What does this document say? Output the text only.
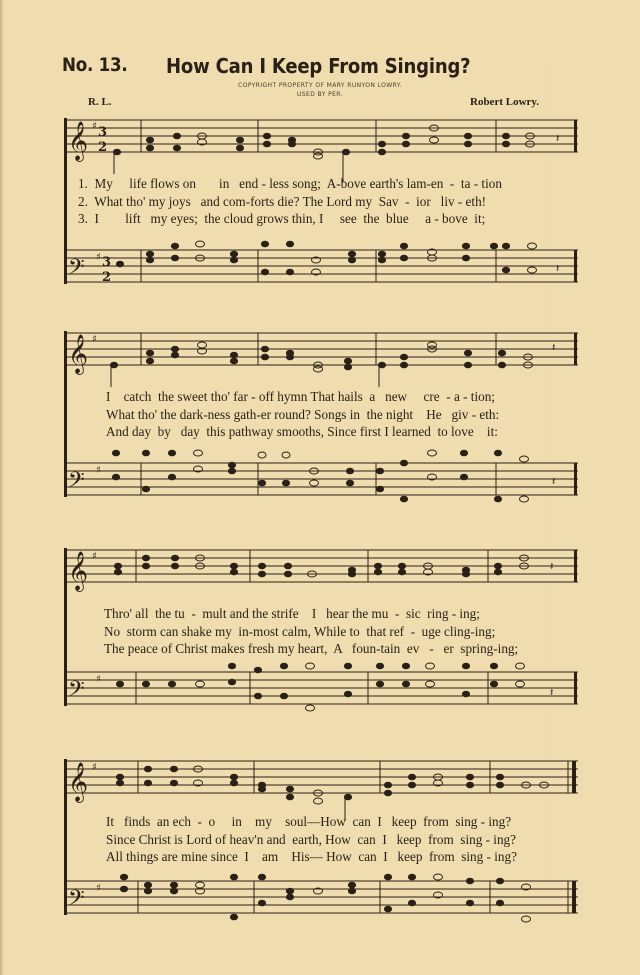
No. 13. How Can I Keep From Singing?
COPYRIGHT PROPERTY OF MARY RUNYON LOWRY.
USED BY PER.
R. L.	Robert Lowry.
𝄞
𝄢
♯
♯
3
2
3
2
𝄽
𝄽
1.  My     life flows on       in   end - less song;  A-bove earth's lam-en  -  ta - tion
2.  What tho' my joys   and com-forts die? The Lord my  Sav  -  ior   liv - eth!
3.  I        lift   my eyes;  the cloud grows thin, I     see  the  blue     a - bove  it;
𝄞
𝄢
♯
♯
𝄽
𝄽
I    catch  the sweet tho' far - off hymn That hails  a   new     cre  - a - tion;
What tho' the dark-ness gath-er round? Songs in  the night    He   giv - eth:
And day  by   day  this pathway smooths, Since first I learned  to love    it:
𝄞
𝄢
♯
♯
𝄽
𝄽
Thro' all  the tu  -  mult and the strife    I   hear the mu  -  sic  ring - ing;
No  storm can shake my  in-most calm, While to  that ref  -  uge cling-ing;
The peace of Christ makes fresh my heart,  A   foun-tain  ev   -   er  spring-ing;
𝄞
𝄢
♯
♯
It   finds  an ech  -  o     in    my    soul—How  can  I   keep  from  sing - ing?
Since Christ is Lord of heav'n and  earth, How  can  I   keep  from  sing - ing?
All things are mine since  I    am    His— How  can  I   keep  from  sing - ing?
